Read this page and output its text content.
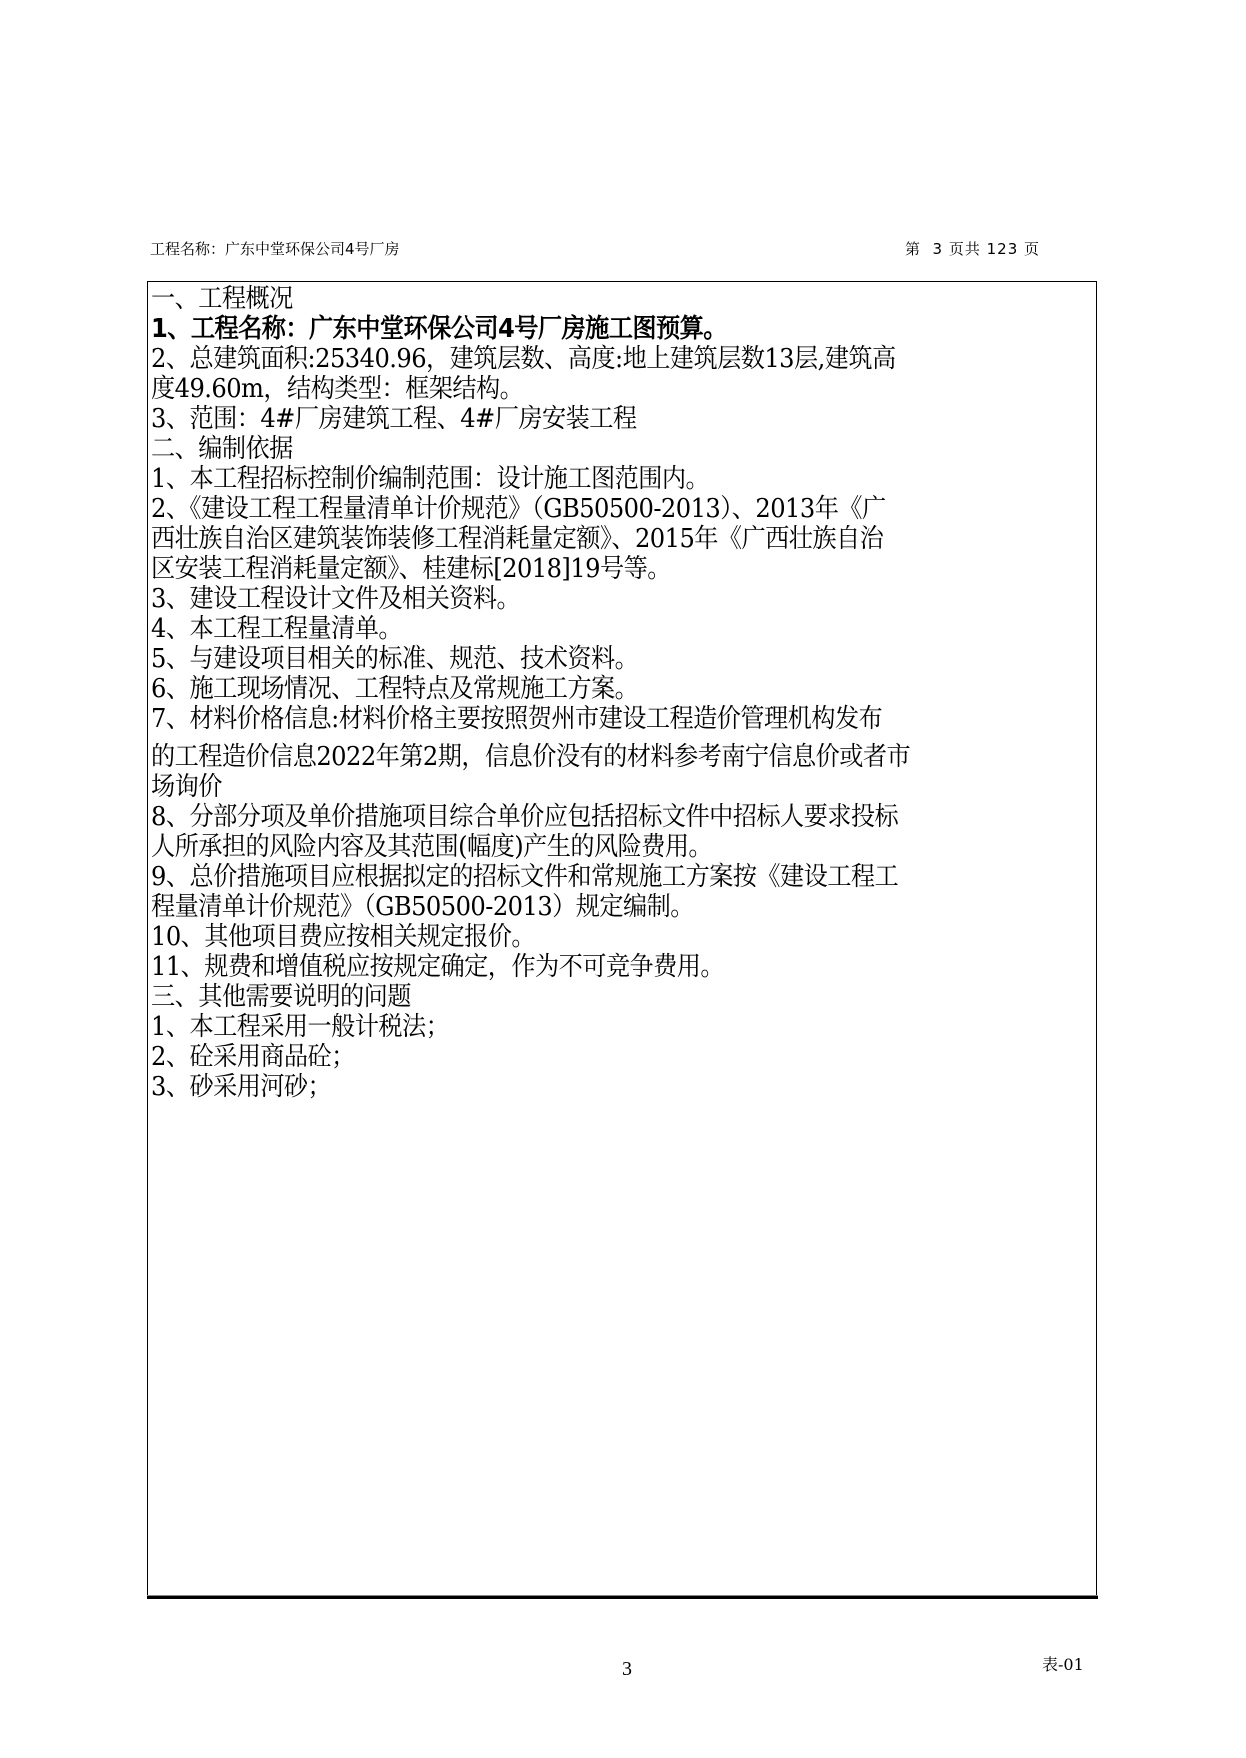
工程名称：广东中堂环保公司4号厂房	第  3 页共 123 页
一、工程概况
1、工程名称：广东中堂环保公司4号厂房施工图预算。
2、总建筑面积:25340.96，建筑层数、高度:地上建筑层数13层,建筑高
度49.60m，结构类型：框架结构。
3、范围：4#厂房建筑工程、4#厂房安装工程
二、编制依据
1、本工程招标控制价编制范围：设计施工图范围内。
2、《建设工程工程量清单计价规范》（GB50500-2013）、2013年《广
西壮族自治区建筑装饰装修工程消耗量定额》、2015年《广西壮族自治
区安装工程消耗量定额》、桂建标[2018]19号等。
3、建设工程设计文件及相关资料。
4、本工程工程量清单。
5、与建设项目相关的标准、规范、技术资料。
6、施工现场情况、工程特点及常规施工方案。
7、材料价格信息:材料价格主要按照贺州市建设工程造价管理机构发布
的工程造价信息2022年第2期，信息价没有的材料参考南宁信息价或者市
场询价
8、分部分项及单价措施项目综合单价应包括招标文件中招标人要求投标
人所承担的风险内容及其范围(幅度)产生的风险费用。
9、总价措施项目应根据拟定的招标文件和常规施工方案按《建设工程工
程量清单计价规范》（GB50500-2013）规定编制。
10、其他项目费应按相关规定报价。
11、规费和增值税应按规定确定，作为不可竞争费用。
三、其他需要说明的问题
1、本工程采用一般计税法；
2、砼采用商品砼；
3、砂采用河砂；
3	表-01
